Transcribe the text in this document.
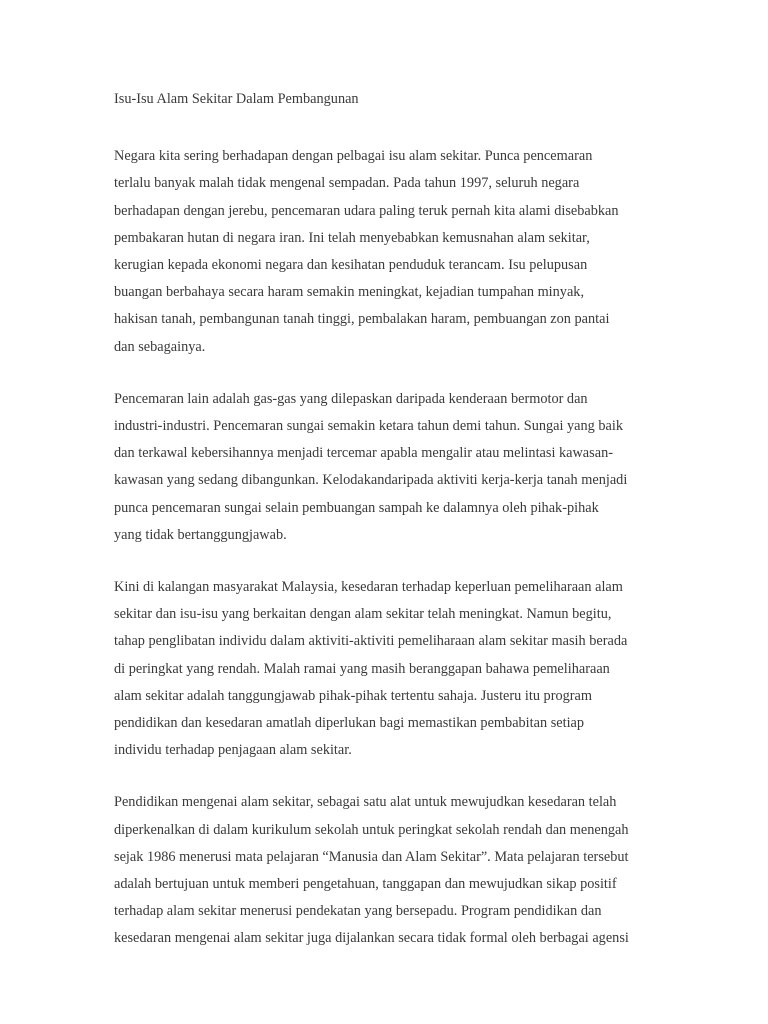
Isu-Isu Alam Sekitar Dalam Pembangunan
Negara kita sering berhadapan dengan pelbagai isu alam sekitar. Punca pencemaran
terlalu banyak malah tidak mengenal sempadan. Pada tahun 1997, seluruh negara
berhadapan dengan jerebu, pencemaran udara paling teruk pernah kita alami disebabkan
pembakaran hutan di negara iran. Ini telah menyebabkan kemusnahan alam sekitar,
kerugian kepada ekonomi negara dan kesihatan penduduk terancam. Isu pelupusan
buangan berbahaya secara haram semakin meningkat, kejadian tumpahan minyak,
hakisan tanah, pembangunan tanah tinggi, pembalakan haram, pembuangan zon pantai
dan sebagainya.
Pencemaran lain adalah gas-gas yang dilepaskan daripada kenderaan bermotor dan
industri-industri. Pencemaran sungai semakin ketara tahun demi tahun. Sungai yang baik
dan terkawal kebersihannya menjadi tercemar apabla mengalir atau melintasi kawasan-
kawasan yang sedang dibangunkan. Kelodakandaripada aktiviti kerja-kerja tanah menjadi
punca pencemaran sungai selain pembuangan sampah ke dalamnya oleh pihak-pihak
yang tidak bertanggungjawab.
Kini di kalangan masyarakat Malaysia, kesedaran terhadap keperluan pemeliharaan alam
sekitar dan isu-isu yang berkaitan dengan alam sekitar telah meningkat. Namun begitu,
tahap penglibatan individu dalam aktiviti-aktiviti pemeliharaan alam sekitar masih berada
di peringkat yang rendah. Malah ramai yang masih beranggapan bahawa pemeliharaan
alam sekitar adalah tanggungjawab pihak-pihak tertentu sahaja. Justeru itu program
pendidikan dan kesedaran amatlah diperlukan bagi memastikan pembabitan setiap
individu terhadap penjagaan alam sekitar.
Pendidikan mengenai alam sekitar, sebagai satu alat untuk mewujudkan kesedaran telah
diperkenalkan di dalam kurikulum sekolah untuk peringkat sekolah rendah dan menengah
sejak 1986 menerusi mata pelajaran “Manusia dan Alam Sekitar”. Mata pelajaran tersebut
adalah bertujuan untuk memberi pengetahuan, tanggapan dan mewujudkan sikap positif
terhadap alam sekitar menerusi pendekatan yang bersepadu. Program pendidikan dan
kesedaran mengenai alam sekitar juga dijalankan secara tidak formal oleh berbagai agensi
